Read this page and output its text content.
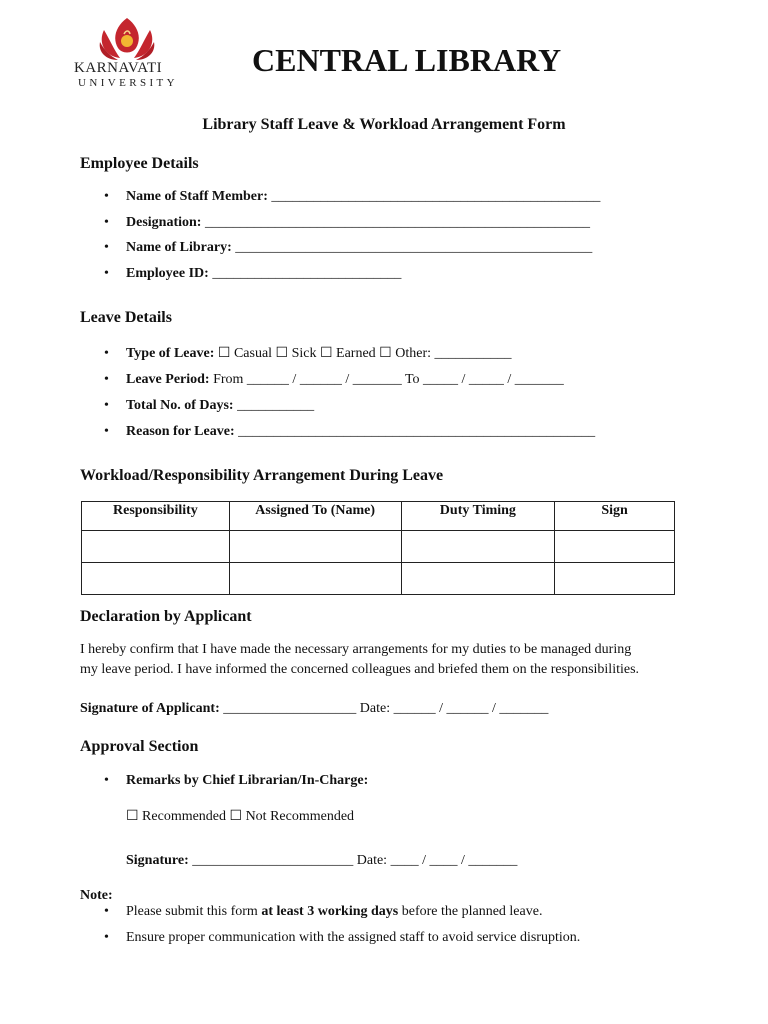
KARNAVATI
UNIVERSITY
CENTRAL LIBRARY
Library Staff Leave & Workload Arrangement Form
Employee Details
• Name of Staff Member: _______________________________________________
• Designation: _______________________________________________________
• Name of Library: ___________________________________________________
• Employee ID: ___________________________
Leave Details
• Type of Leave: ☐ Casual ☐ Sick ☐ Earned ☐ Other: ___________
• Leave Period: From ______ / ______ / _______ To _____ / _____ / _______
• Total No. of Days: ___________
• Reason for Leave: ___________________________________________________
Workload/Responsibility Arrangement During Leave
Responsibility	Assigned To (Name)	Duty Timing	Sign

Declaration by Applicant
I hereby confirm that I have made the necessary arrangements for my duties to be managed during
my leave period. I have informed the concerned colleagues and briefed them on the responsibilities.
Signature of Applicant: ___________________ Date: ______ / ______ / _______
Approval Section
• Remarks by Chief Librarian/In-Charge:
☐ Recommended ☐ Not Recommended
Signature: _______________________ Date: ____ / ____ / _______
Note:
• Please submit this form at least 3 working days before the planned leave.
• Ensure proper communication with the assigned staff to avoid service disruption.
